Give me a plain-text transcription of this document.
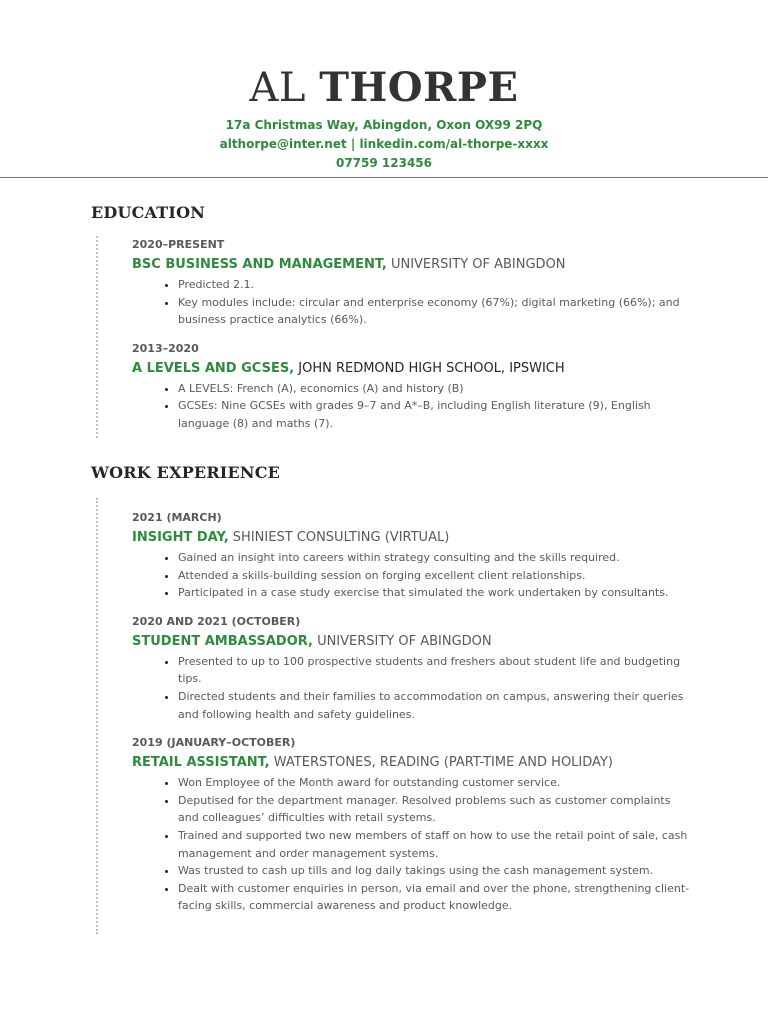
AL THORPE
17a Christmas Way, Abingdon, Oxon OX99 2PQ
althorpe@inter.net | linkedin.com/al-thorpe-xxxx
07759 123456
EDUCATION
2020–PRESENT
BSC BUSINESS AND MANAGEMENT, UNIVERSITY OF ABINGDON
• Predicted 2.1.
• Key modules include: circular and enterprise economy (67%); digital marketing (66%); and business practice analytics (66%).
2013–2020
A LEVELS AND GCSES, JOHN REDMOND HIGH SCHOOL, IPSWICH
• A LEVELS: French (A), economics (A) and history (B)
• GCSEs: Nine GCSEs with grades 9–7 and A*–B, including English literature (9), English language (8) and maths (7).
WORK EXPERIENCE
2021 (MARCH)
INSIGHT DAY, SHINIEST CONSULTING (VIRTUAL)
• Gained an insight into careers within strategy consulting and the skills required.
• Attended a skills-building session on forging excellent client relationships.
• Participated in a case study exercise that simulated the work undertaken by consultants.
2020 AND 2021 (OCTOBER)
STUDENT AMBASSADOR, UNIVERSITY OF ABINGDON
• Presented to up to 100 prospective students and freshers about student life and budgeting tips.
• Directed students and their families to accommodation on campus, answering their queries and following health and safety guidelines.
2019 (JANUARY–OCTOBER)
RETAIL ASSISTANT, WATERSTONES, READING (PART-TIME AND HOLIDAY)
• Won Employee of the Month award for outstanding customer service.
• Deputised for the department manager. Resolved problems such as customer complaints and colleagues’ difficulties with retail systems.
• Trained and supported two new members of staff on how to use the retail point of sale, cash management and order management systems.
• Was trusted to cash up tills and log daily takings using the cash management system.
• Dealt with customer enquiries in person, via email and over the phone, strengthening client-facing skills, commercial awareness and product knowledge.
